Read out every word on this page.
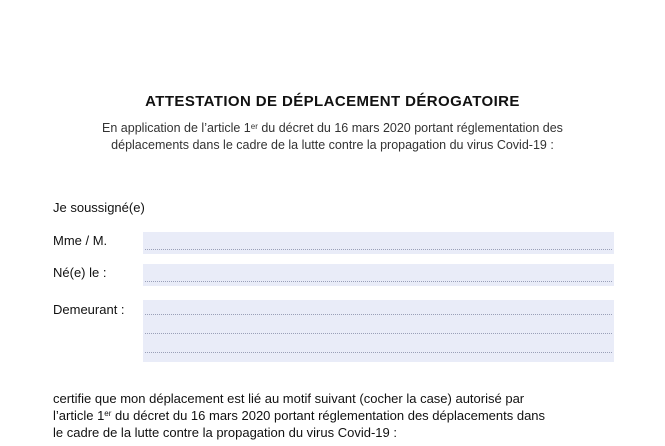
ATTESTATION DE DÉPLACEMENT DÉROGATOIRE
En application de l’article 1er du décret du 16 mars 2020 portant réglementation des
déplacements dans le cadre de la lutte contre la propagation du virus Covid-19 :
Je soussigné(e)
Mme / M.
Né(e) le :
Demeurant :
certifie que mon déplacement est lié au motif suivant (cocher la case) autorisé par
l’article 1er du décret du 16 mars 2020 portant réglementation des déplacements dans
le cadre de la lutte contre la propagation du virus Covid-19 :
